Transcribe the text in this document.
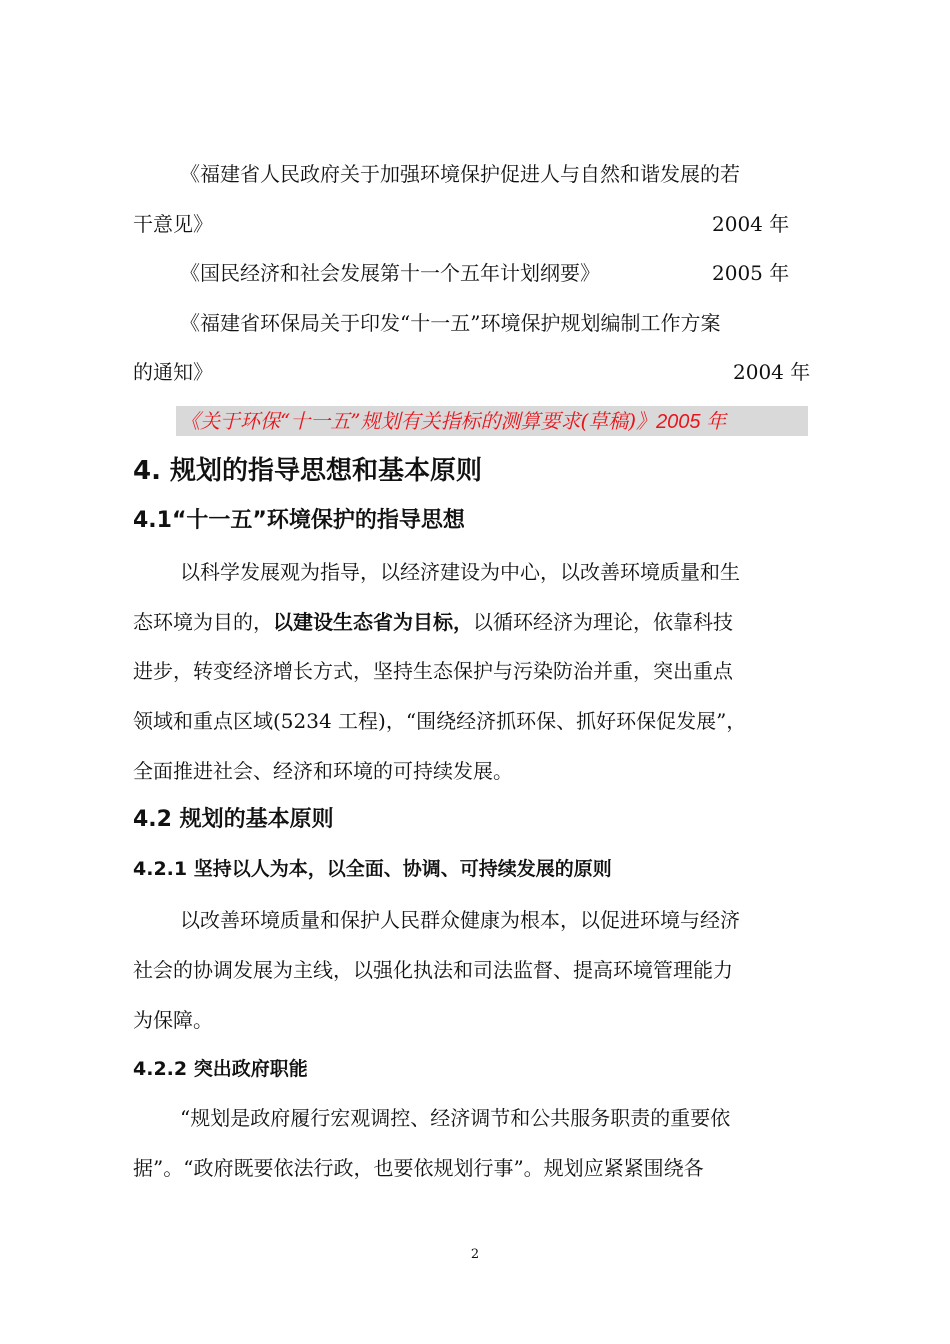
《福建省人民政府关于加强环境保护促进人与自然和谐发展的若
干意见》	2004 年
《国民经济和社会发展第十一个五年计划纲要》	2005 年
《福建省环保局关于印发“十一五”环境保护规划编制工作方案
的通知》	2004 年
《关于环保“十一五”规划有关指标的测算要求(草稿)》2005 年
4. 规划的指导思想和基本原则
4.1“十一五”环境保护的指导思想
以科学发展观为指导，以经济建设为中心，以改善环境质量和生
态环境为目的，以建设生态省为目标，以循环经济为理论，依靠科技
进步，转变经济增长方式，坚持生态保护与污染防治并重，突出重点
领域和重点区域(5234 工程)，“围绕经济抓环保、抓好环保促发展”，
全面推进社会、经济和环境的可持续发展。
4.2 规划的基本原则
4.2.1 坚持以人为本，以全面、协调、可持续发展的原则
以改善环境质量和保护人民群众健康为根本，以促进环境与经济
社会的协调发展为主线，以强化执法和司法监督、提高环境管理能力
为保障。
4.2.2 突出政府职能
“规划是政府履行宏观调控、经济调节和公共服务职责的重要依
据”。“政府既要依法行政，也要依规划行事”。规划应紧紧围绕各
2
